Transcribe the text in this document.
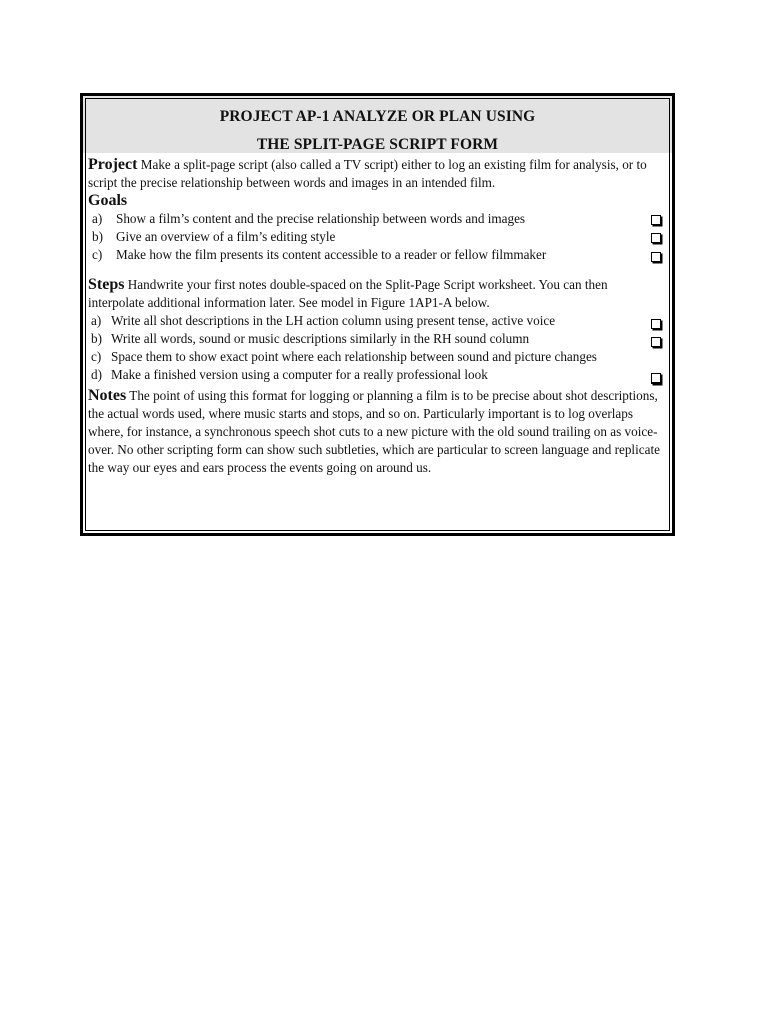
PROJECT AP-1 ANALYZE OR PLAN USING
THE SPLIT-PAGE SCRIPT FORM

Project Make a split-page script (also called a TV script) either to log an existing film for analysis, or to script the precise relationship between words and images in an intended film.

Goals
a) Show a film’s content and the precise relationship between words and images
b) Give an overview of a film’s editing style
c) Make how the film presents its content accessible to a reader or fellow filmmaker

Steps Handwrite your first notes double-spaced on the Split-Page Script worksheet. You can then interpolate additional information later. See model in Figure 1AP1-A below.

a) Write all shot descriptions in the LH action column using present tense, active voice
b) Write all words, sound or music descriptions similarly in the RH sound column
c) Space them to show exact point where each relationship between sound and picture changes
d) Make a finished version using a computer for a really professional look

Notes The point of using this format for logging or planning a film is to be precise about shot descriptions, the actual words used, where music starts and stops, and so on. Particularly important is to log overlaps where, for instance, a synchronous speech shot cuts to a new picture with the old sound trailing on as voice-over. No other scripting form can show such subtleties, which are particular to screen language and replicate the way our eyes and ears process the events going on around us.
